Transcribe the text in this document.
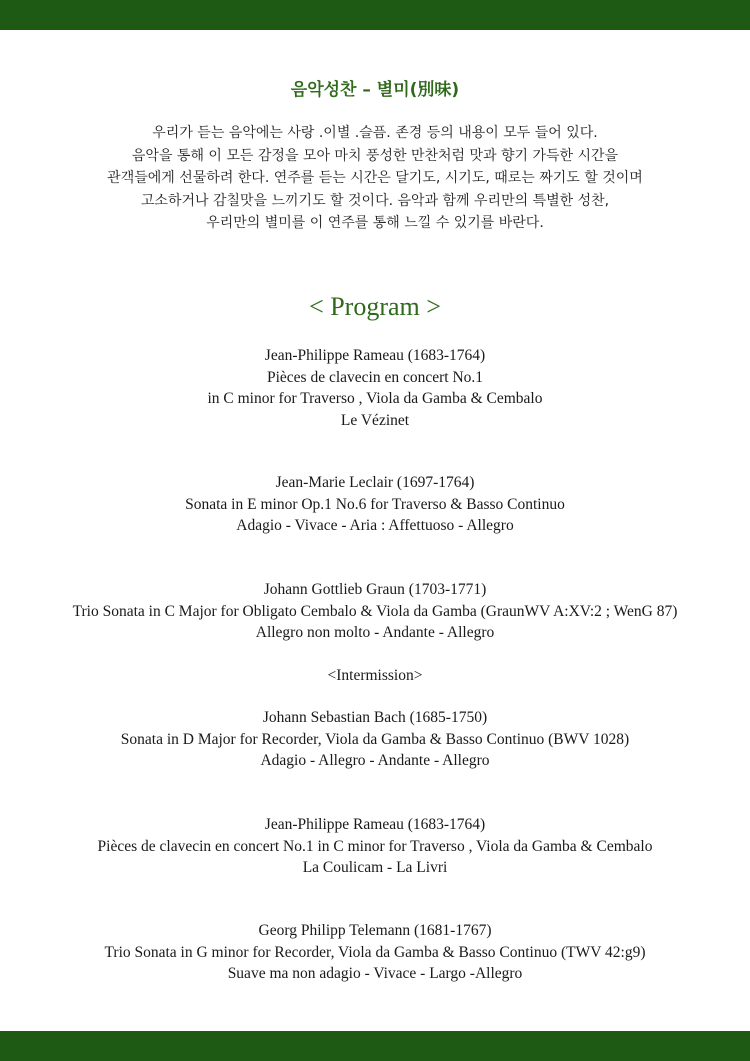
음악성찬 – 별미(別味)
우리가 듣는 음악에는 사랑 .이별 .슬픔. 존경 등의 내용이 모두 들어 있다.
음악을 통해 이 모든 감정을 모아 마치 풍성한 만찬처럼 맛과 향기 가득한 시간을
관객들에게 선물하려 한다. 연주를 듣는 시간은 달기도, 시기도, 때로는 짜기도 할 것이며
고소하거나 감칠맛을 느끼기도 할 것이다. 음악과 함께 우리만의 특별한 성찬,
우리만의 별미를 이 연주를 통해 느낄 수 있기를 바란다.
< Program >
Jean-Philippe Rameau (1683-1764)
Pièces de clavecin en concert No.1
in C minor for Traverso , Viola da Gamba & Cembalo
Le Vézinet
Jean-Marie Leclair (1697-1764)
Sonata in E minor Op.1 No.6 for Traverso & Basso Continuo
Adagio - Vivace - Aria : Affettuoso - Allegro
Johann Gottlieb Graun (1703-1771)
Trio Sonata in C Major for Obligato Cembalo & Viola da Gamba (GraunWV A:XV:2 ; WenG 87)
Allegro non molto - Andante - Allegro
<Intermission>
Johann Sebastian Bach (1685-1750)
Sonata in D Major for Recorder, Viola da Gamba & Basso Continuo (BWV 1028)
Adagio - Allegro - Andante - Allegro
Jean-Philippe Rameau (1683-1764)
Pièces de clavecin en concert No.1 in C minor for Traverso , Viola da Gamba & Cembalo
La Coulicam - La Livri
Georg Philipp Telemann (1681-1767)
Trio Sonata in G minor for Recorder, Viola da Gamba & Basso Continuo (TWV 42:g9)
Suave ma non adagio - Vivace - Largo -Allegro
